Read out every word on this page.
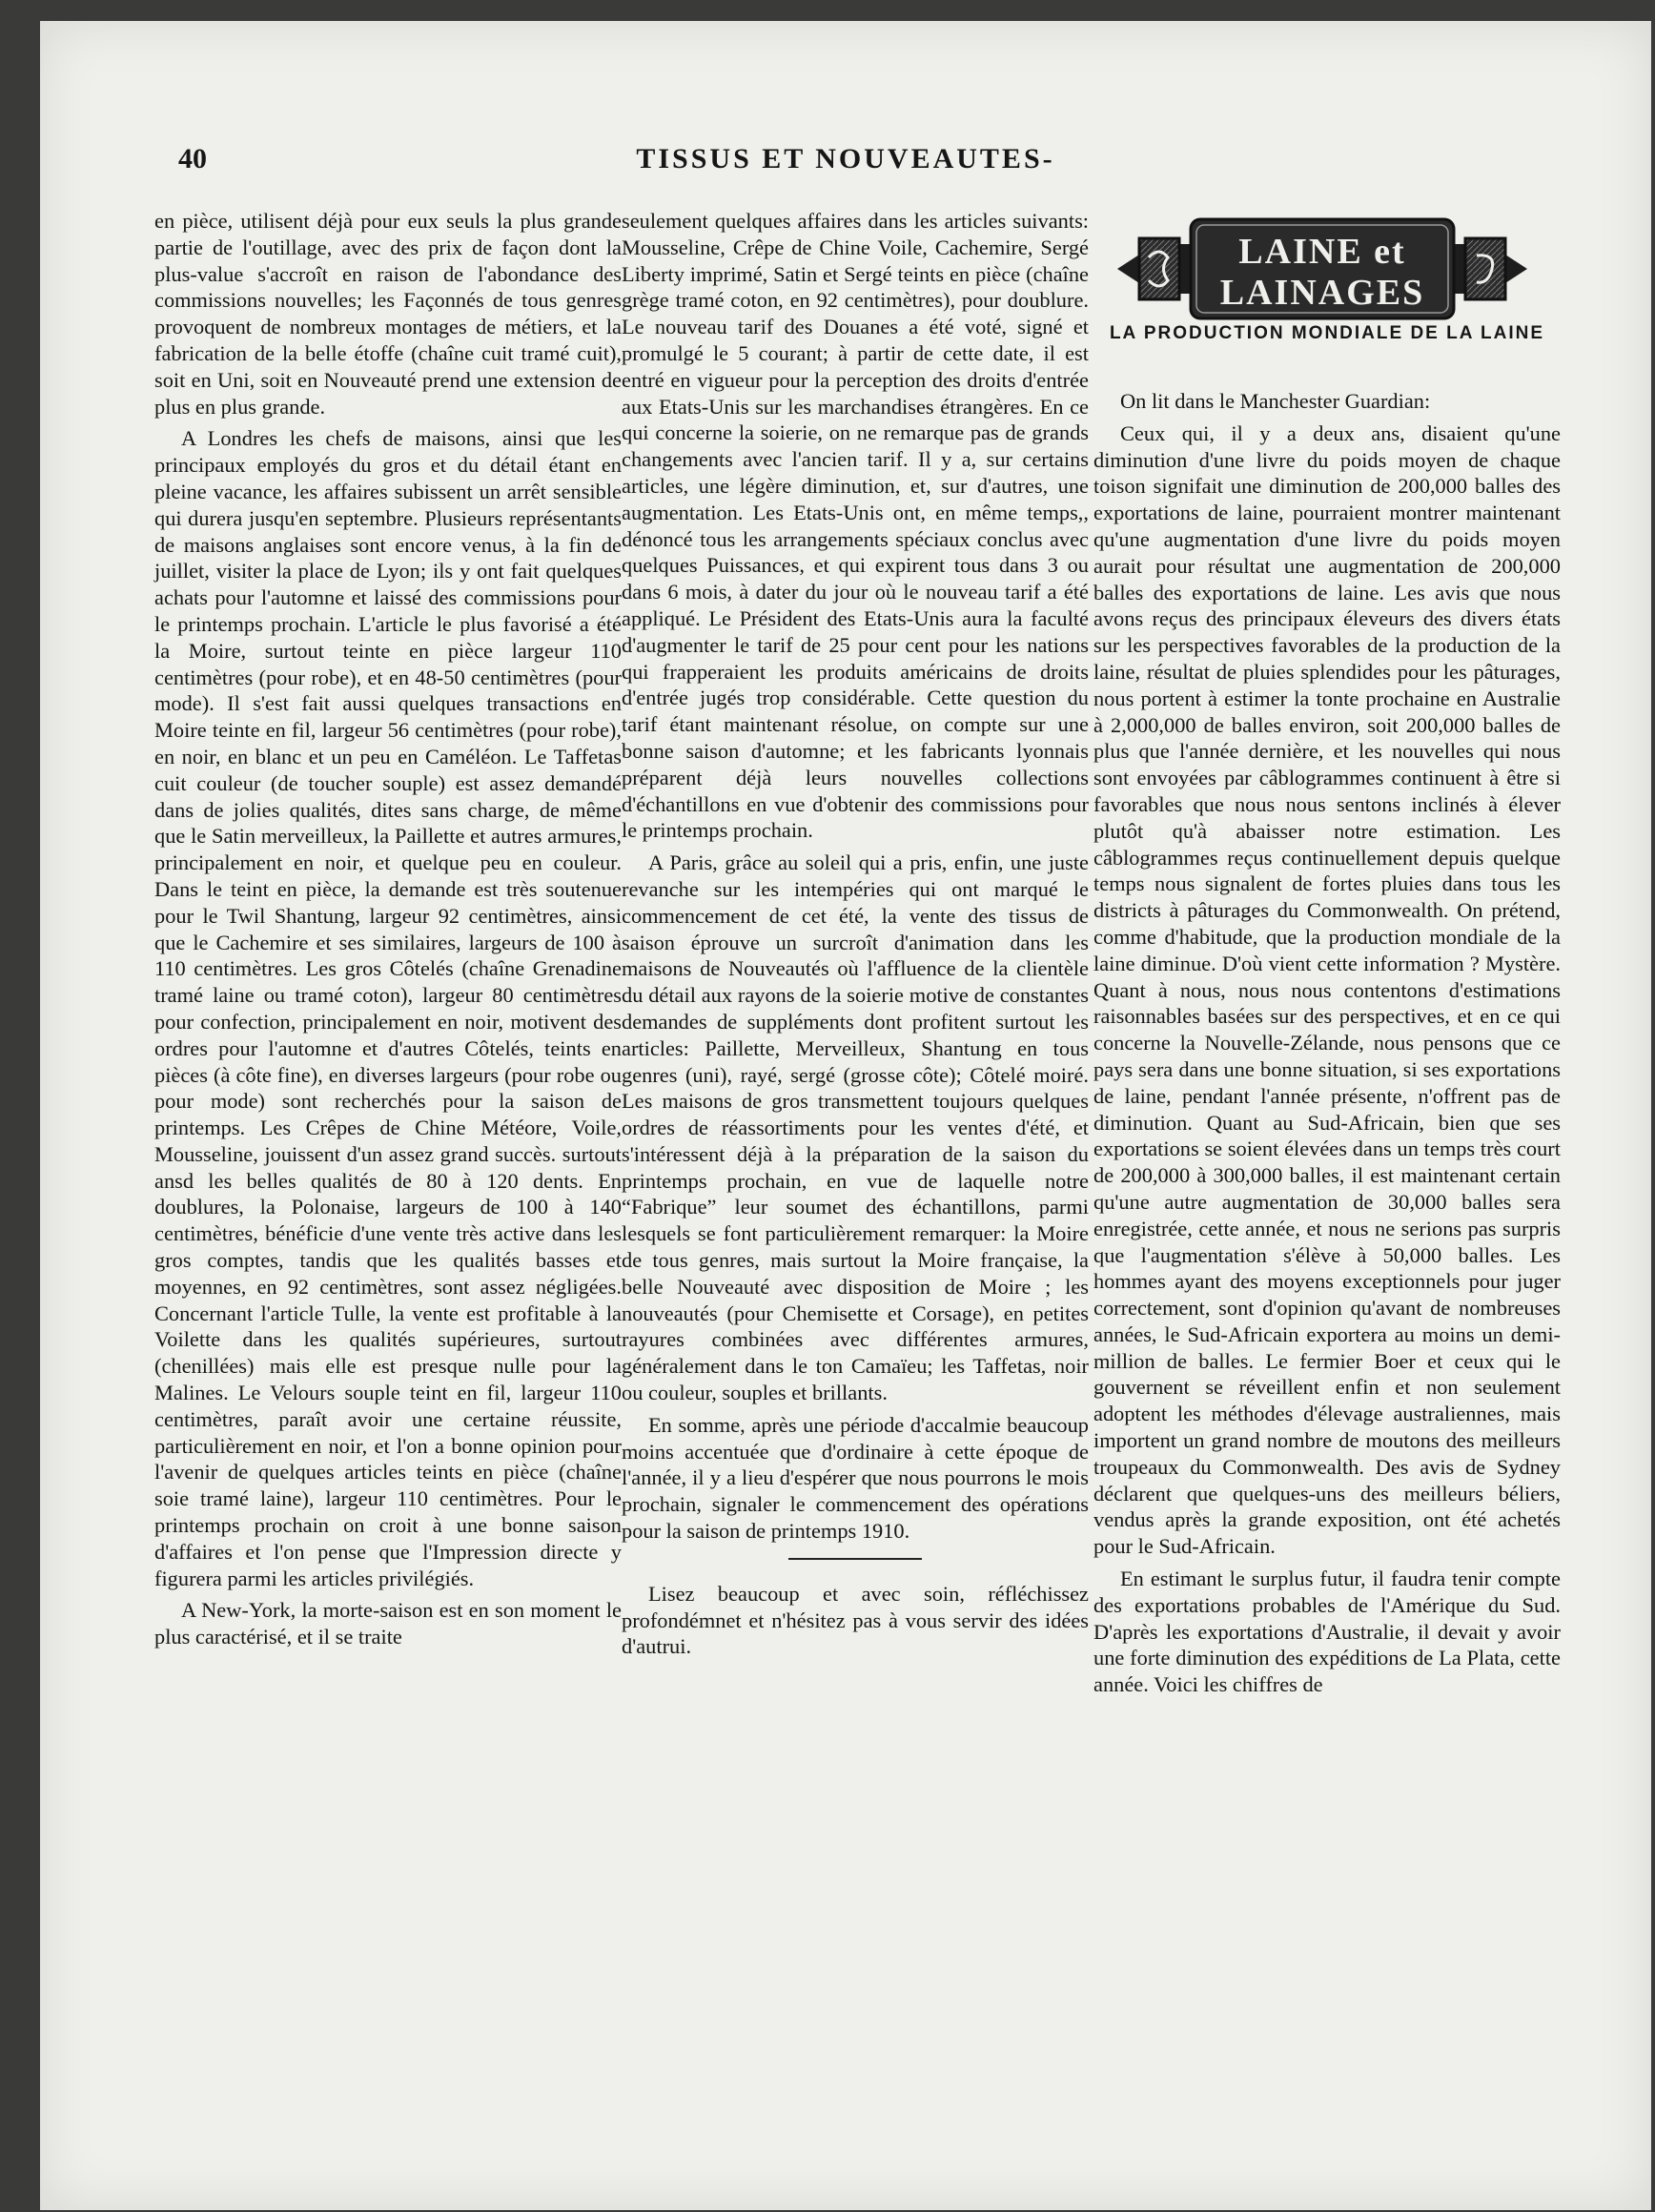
40	TISSUS ET NOUVEAUTES-

en pièce, utilisent déjà pour eux seuls la plus grande partie de l'outillage, avec des prix de façon dont la plus-value s'accroît en raison de l'abondance des commissions nouvelles; les Façonnés de tous genres provoquent de nombreux montages de métiers, et la fabrication de la belle étoffe (chaîne cuit tramé cuit), soit en Uni, soit en Nouveauté prend une extension de plus en plus grande.

A Londres les chefs de maisons, ainsi que les principaux employés du gros et du détail étant en pleine vacance, les affaires subissent un arrêt sensible qui durera jusqu'en septembre. Plusieurs représentants de maisons anglaises sont encore venus, à la fin de juillet, visiter la place de Lyon; ils y ont fait quelques achats pour l'automne et laissé des commissions pour le printemps prochain. L'article le plus favorisé a été la Moire, surtout teinte en pièce largeur 110 centimètres (pour robe), et en 48-50 centimètres (pour mode). Il s'est fait aussi quelques transactions en Moire teinte en fil, largeur 56 centimètres (pour robe), en noir, en blanc et un peu en Caméléon. Le Taffetas cuit couleur (de toucher souple) est assez demandé dans de jolies qualités, dites sans charge, de même que le Satin merveilleux, la Paillette et autres armures, principalement en noir, et quelque peu en couleur. Dans le teint en pièce, la demande est très soutenue pour le Twil Shantung, largeur 92 centimètres, ainsi que le Cachemire et ses similaires, largeurs de 100 à 110 centimètres. Les gros Côtelés (chaîne Grenadine tramé laine ou tramé coton), largeur 80 centimètres pour confection, principalement en noir, motivent des ordres pour l'automne et d'autres Côtelés, teints en pièces (à côte fine), en diverses largeurs (pour robe ou pour mode) sont recherchés pour la saison de printemps. Les Crêpes de Chine Météore, Voile, Mousseline, jouissent d'un assez grand succès. surtout ansd les belles qualités de 80 à 120 dents. En doublures, la Polonaise, largeurs de 100 à 140 centimètres, bénéficie d'une vente très active dans les gros comptes, tandis que les qualités basses et moyennes, en 92 centimètres, sont assez négligées. Concernant l'article Tulle, la vente est profitable à la Voilette dans les qualités supérieures, surtout (chenillées) mais elle est presque nulle pour la Malines. Le Velours souple teint en fil, largeur 110 centimètres, paraît avoir une certaine réussite, particulièrement en noir, et l'on a bonne opinion pour l'avenir de quelques articles teints en pièce (chaîne soie tramé laine), largeur 110 centimètres. Pour le printemps prochain on croit à une bonne saison d'affaires et l'on pense que l'Impression directe y figurera parmi les articles privilégiés.

A New-York, la morte-saison est en son moment le plus caractérisé, et il se traite

seulement quelques affaires dans les articles suivants: Mousseline, Crêpe de Chine Voile, Cachemire, Sergé Liberty imprimé, Satin et Sergé teints en pièce (chaîne grège tramé coton, en 92 centimètres), pour doublure. Le nouveau tarif des Douanes a été voté, signé et promulgé le 5 courant; à partir de cette date, il est entré en vigueur pour la perception des droits d'entrée aux Etats-Unis sur les marchandises étrangères. En ce qui concerne la soierie, on ne remarque pas de grands changements avec l'ancien tarif. Il y a, sur certains articles, une légère diminution, et, sur d'autres, une augmentation. Les Etats-Unis ont, en même temps,, dénoncé tous les arrangements spéciaux conclus avec quelques Puissances, et qui expirent tous dans 3 ou dans 6 mois, à dater du jour où le nouveau tarif a été appliqué. Le Président des Etats-Unis aura la faculté d'augmenter le tarif de 25 pour cent pour les nations qui frapperaient les produits américains de droits d'entrée jugés trop considérable. Cette question du tarif étant maintenant résolue, on compte sur une bonne saison d'automne; et les fabricants lyonnais préparent déjà leurs nouvelles collections d'échantillons en vue d'obtenir des commissions pour le printemps prochain.

A Paris, grâce au soleil qui a pris, enfin, une juste revanche sur les intempéries qui ont marqué le commencement de cet été, la vente des tissus de saison éprouve un surcroît d'animation dans les maisons de Nouveautés où l'affluence de la clientèle du détail aux rayons de la soierie motive de constantes demandes de suppléments dont profitent surtout les articles: Paillette, Merveilleux, Shantung en tous genres (uni), rayé, sergé (grosse côte); Côtelé moiré. Les maisons de gros transmettent toujours quelques ordres de réassortiments pour les ventes d'été, et s'intéressent déjà à la préparation de la saison du printemps prochain, en vue de laquelle notre “Fabrique” leur soumet des échantillons, parmi lesquels se font particulièrement remarquer: la Moire de tous genres, mais surtout la Moire française, la belle Nouveauté avec disposition de Moire ; les nouveautés (pour Chemisette et Corsage), en petites rayures combinées avec différentes armures, généralement dans le ton Camaïeu; les Taffetas, noir ou couleur, souples et brillants.

En somme, après une période d'accalmie beaucoup moins accentuée que d'ordinaire à cette époque de l'année, il y a lieu d'espérer que nous pourrons le mois prochain, signaler le commencement des opérations pour la saison de printemps 1910.

Lisez beaucoup et avec soin, réfléchissez profondémnet et n'hésitez pas à vous servir des idées d'autrui.

LAINE et
LAINAGES
LA PRODUCTION MONDIALE DE LA LAINE

On lit dans le Manchester Guardian:

Ceux qui, il y a deux ans, disaient qu'une diminution d'une livre du poids moyen de chaque toison signifait une diminution de 200,000 balles des exportations de laine, pourraient montrer maintenant qu'une augmentation d'une livre du poids moyen aurait pour résultat une augmentation de 200,000 balles des exportations de laine. Les avis que nous avons reçus des principaux éleveurs des divers états sur les perspectives favorables de la production de la laine, résultat de pluies splendides pour les pâturages, nous portent à estimer la tonte prochaine en Australie à 2,000,000 de balles environ, soit 200,000 balles de plus que l'année dernière, et les nouvelles qui nous sont envoyées par câblogrammes continuent à être si favorables que nous nous sentons inclinés à élever plutôt qu'à abaisser notre estimation. Les câblogrammes reçus continuellement depuis quelque temps nous signalent de fortes pluies dans tous les districts à pâturages du Commonwealth. On prétend, comme d'habitude, que la production mondiale de la laine diminue. D'où vient cette information ? Mystère. Quant à nous, nous nous contentons d'estimations raisonnables basées sur des perspectives, et en ce qui concerne la Nouvelle-Zélande, nous pensons que ce pays sera dans une bonne situation, si ses exportations de laine, pendant l'année présente, n'offrent pas de diminution. Quant au Sud-Africain, bien que ses exportations se soient élevées dans un temps très court de 200,000 à 300,000 balles, il est maintenant certain qu'une autre augmentation de 30,000 balles sera enregistrée, cette année, et nous ne serions pas surpris que l'augmentation s'élève à 50,000 balles. Les hommes ayant des moyens exceptionnels pour juger correctement, sont d'opinion qu'avant de nombreuses années, le Sud-Africain exportera au moins un demi-million de balles. Le fermier Boer et ceux qui le gouvernent se réveillent enfin et non seulement adoptent les méthodes d'élevage australiennes, mais importent un grand nombre de moutons des meilleurs troupeaux du Commonwealth. Des avis de Sydney déclarent que quelques-uns des meilleurs béliers, vendus après la grande exposition, ont été achetés pour le Sud-Africain.

En estimant le surplus futur, il faudra tenir compte des exportations probables de l'Amérique du Sud. D'après les exportations d'Australie, il devait y avoir une forte diminution des expéditions de La Plata, cette année. Voici les chiffres de
